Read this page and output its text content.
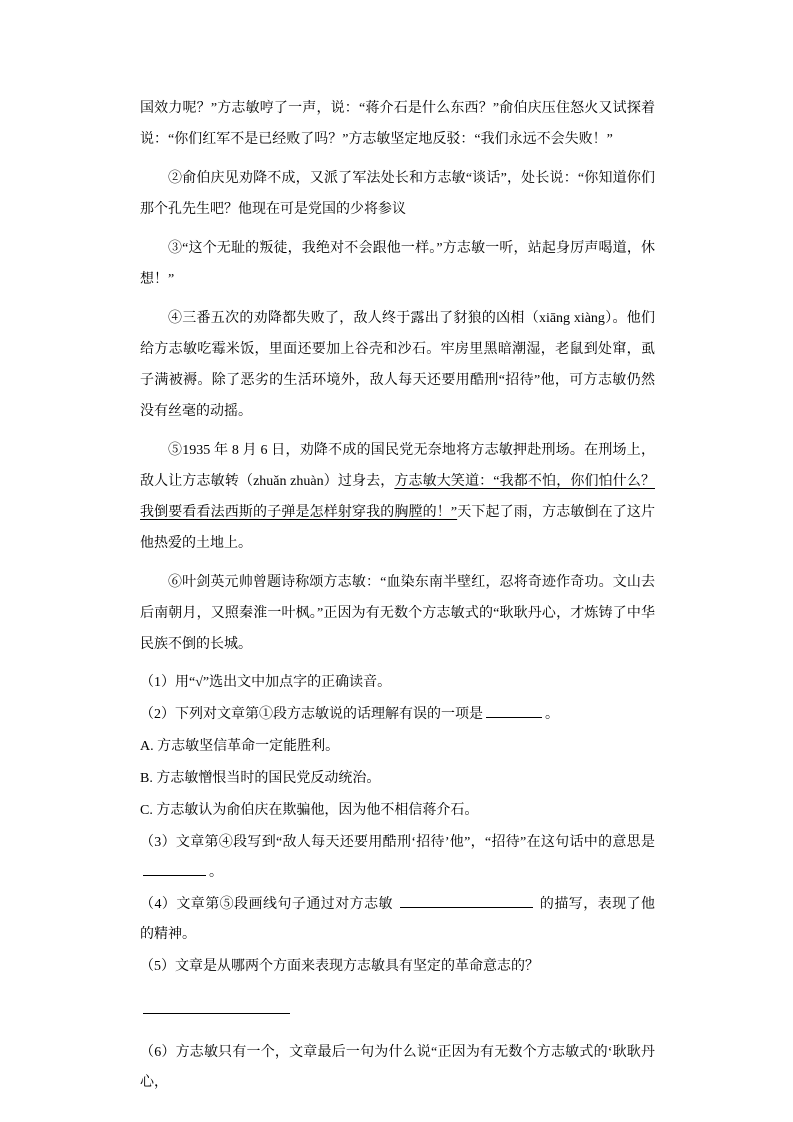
国效力呢？”方志敏哼了一声，说：“蒋介石是什么东西？”俞伯庆压住怒火又试探着说：“你们红军不是已经败了吗？”方志敏坚定地反驳：“我们永远不会失败！”

②俞伯庆见劝降不成，又派了军法处长和方志敏“谈话”，处长说：“你知道你们那个孔先生吧？他现在可是党国的少将参议

③“这个无耻的叛徒，我绝对不会跟他一样。”方志敏一听，站起身厉声喝道，休想！”

④三番五次的劝降都失败了，敌人终于露出了豺狼的凶相 •（xiāng xiàng）。他们给方志敏吃霉米饭，里面还要加上谷壳和沙石。牢房里黑暗潮湿，老鼠到处窜，虱子满被褥。除了恶劣的生活环境外，敌人每天还要用酷刑“招待”他，可方志敏仍然没有丝毫的动摇。

⑤1935 年 8 月 6 日，劝降不成的国民党无奈地将方志敏押赴刑场。在刑场上，敌人让方志敏转 •（zhuǎn zhuàn）过身去，方志敏大笑道：“我都不怕，你们怕什么？我倒要看看法西斯的子弹是怎样射穿我的胸膛的！”天下起了雨，方志敏倒在了这片他热爱的土地上。

⑥叶剑英元帅曾题诗称颂方志敏：“血染东南半壁红，忍将奇迹作奇功。文山去后南朝月，又照秦淮一叶枫。”正因为有无数个方志敏式的“耿耿丹心，才炼铸了中华民族不倒的长城。

（1）用“√”选出文中加点字的正确读音。

（2）下列对文章第①段方志敏说的话理解有误的一项是	。

A. 方志敏坚信革命一定能胜利。

B. 方志敏憎恨当时的国民党反动统治。

C. 方志敏认为俞伯庆在欺骗他，因为他不相信蒋介石。

（3）文章第④段写到“敌人每天还要用酷刑‘招待’他”，“招待”在这句话中的意思是。

（4）文章第⑤段画线句子通过对方志敏	的描写，表现了他的精神。

（5）文章是从哪两个方面来表现方志敏具有坚定的革命意志的？

（6）方志敏只有一个，文章最后一句为什么说“正因为有无数个方志敏式的‘耿耿丹心，
